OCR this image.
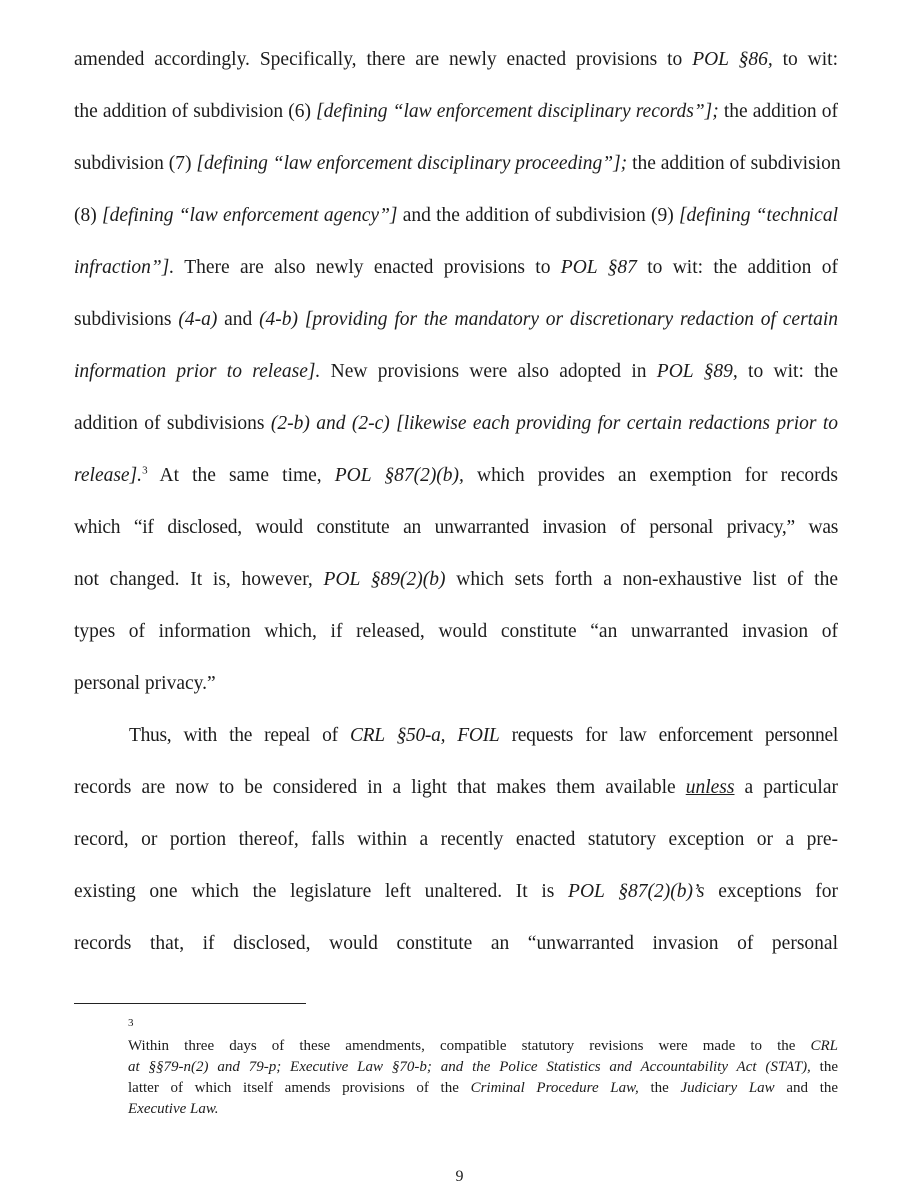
amended accordingly. Specifically, there are newly enacted provisions to POL §86, to wit:
the addition of subdivision (6) [defining “law enforcement disciplinary records”]; the addition of
subdivision (7) [defining “law enforcement disciplinary proceeding”]; the addition of subdivision
(8) [defining “law enforcement agency”] and the addition of subdivision (9) [defining “technical
infraction”]. There are also newly enacted provisions to POL §87 to wit: the addition of
subdivisions (4-a) and (4-b) [providing for the mandatory or discretionary redaction of certain
information prior to release]. New provisions were also adopted in POL §89, to wit: the
addition of subdivisions (2-b) and (2-c) [likewise each providing for certain redactions prior to
release].$^3$ At the same time, POL §87(2)(b), which provides an exemption for records
which “if disclosed, would constitute an unwarranted invasion of personal privacy,” was
not changed. It is, however, POL §89(2)(b) which sets forth a non-exhaustive list of the
types of information which, if released, would constitute “an unwarranted invasion of
personal privacy.”
Thus, with the repeal of CRL §50-a, FOIL requests for law enforcement personnel
records are now to be considered in a light that makes them available unless a particular
record, or portion thereof, falls within a recently enacted statutory exception or a pre-
existing one which the legislature left unaltered. It is POL §87(2)(b)’s exceptions for
records that, if disclosed, would constitute an “unwarranted invasion of personal
3
Within three days of these amendments, compatible statutory revisions were made to the CRL
at §§79-n(2) and 79-p; Executive Law §70-b; and the Police Statistics and Accountability Act (STAT), the
latter of which itself amends provisions of the Criminal Procedure Law, the Judiciary Law and the
Executive Law.
9
